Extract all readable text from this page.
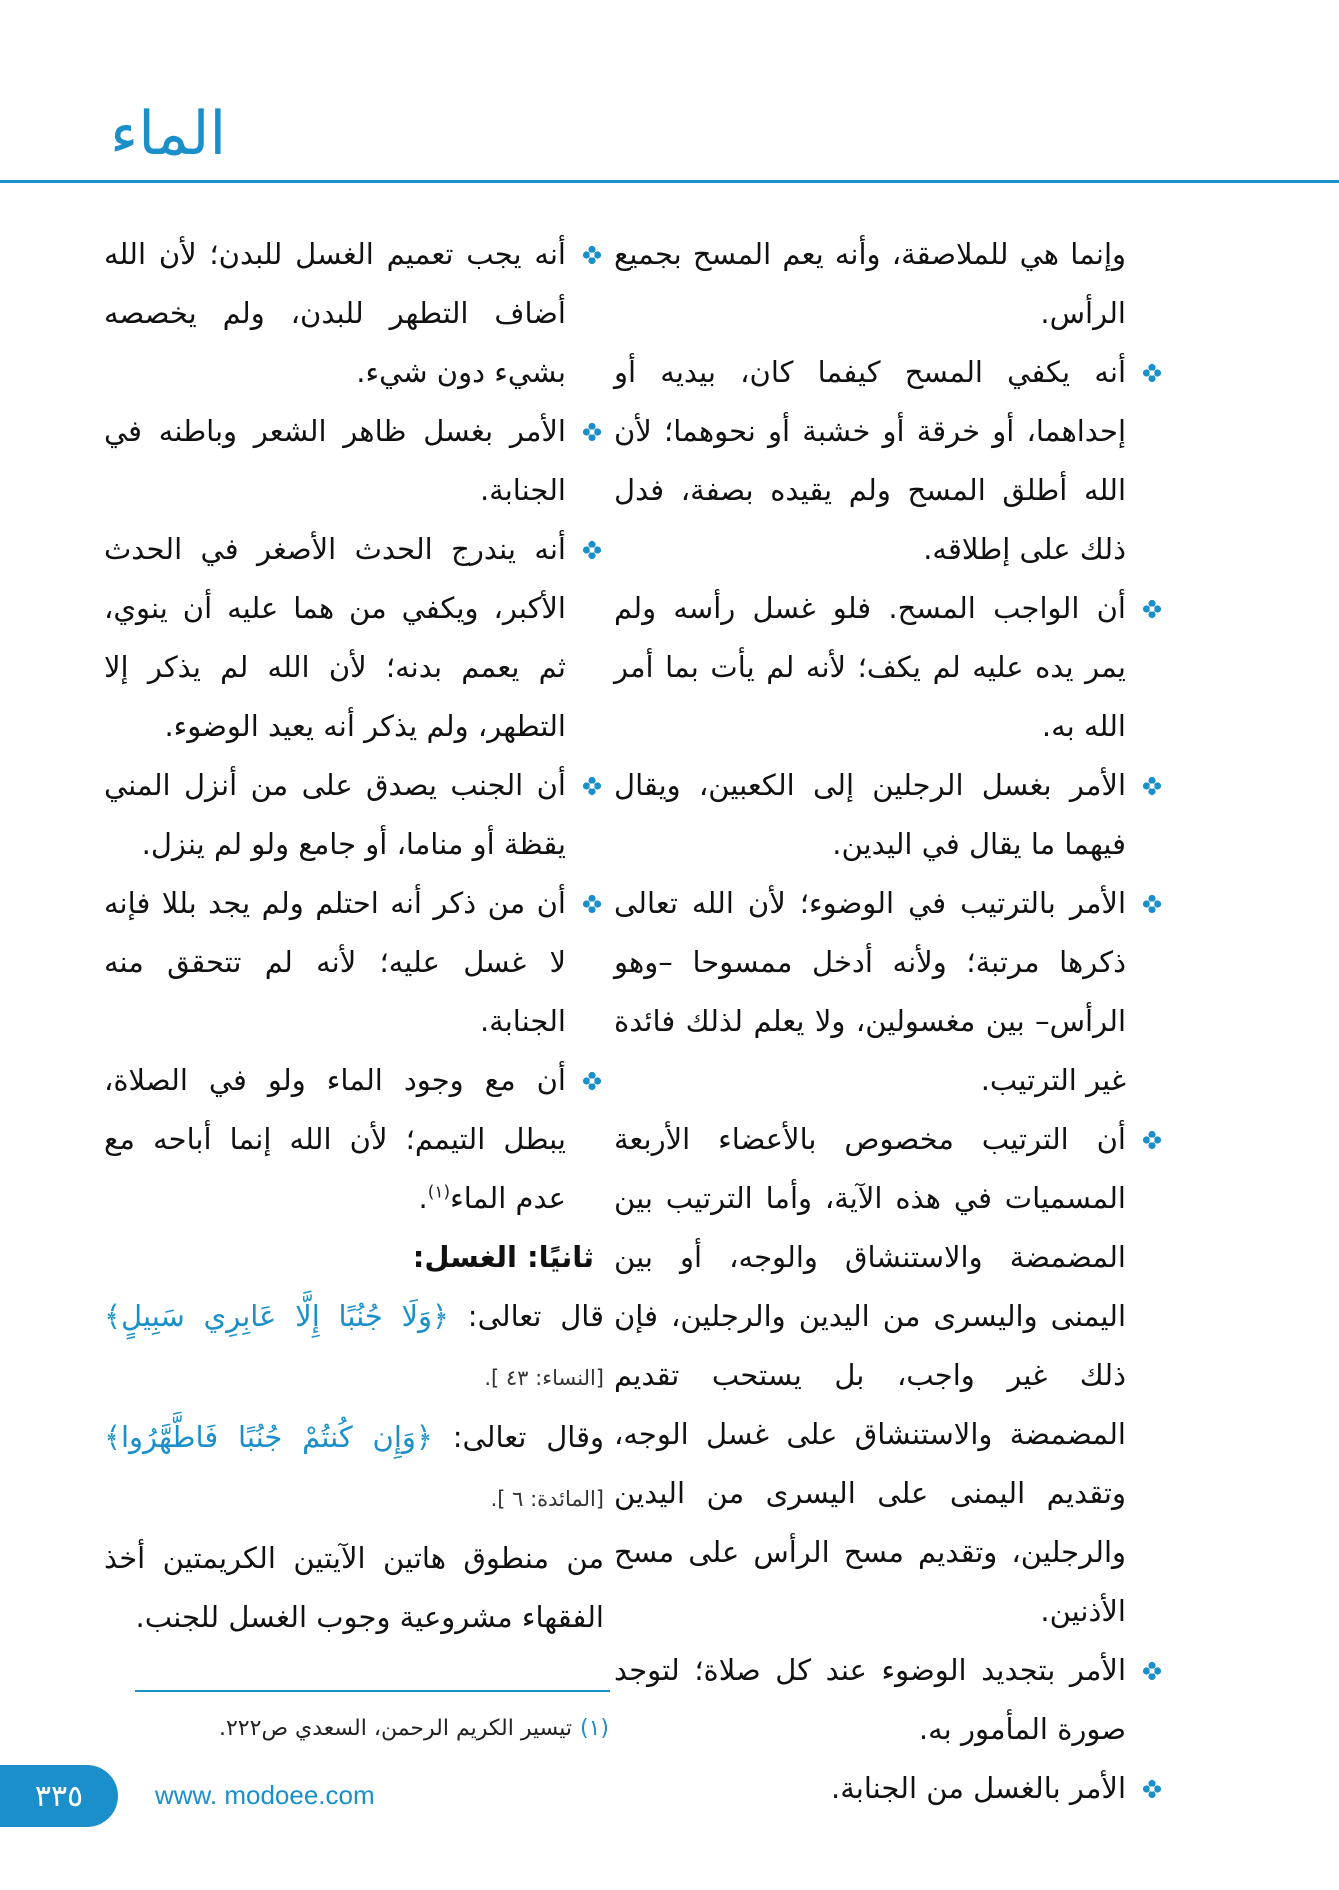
الماء

وإنما هي للملاصقة، وأنه يعم المسح بجميع الرأس.

أنه يكفي المسح كيفما كان، بيديه أو إحداهما، أو خرقة أو خشبة أو نحوهما؛ لأن الله أطلق المسح ولم يقيده بصفة، فدل ذلك على إطلاقه.
أن الواجب المسح. فلو غسل رأسه ولم يمر يده عليه لم يكف؛ لأنه لم يأت بما أمر الله به.
الأمر بغسل الرجلين إلى الكعبين، ويقال فيهما ما يقال في اليدين.
الأمر بالترتيب في الوضوء؛ لأن الله تعالى ذكرها مرتبة؛ ولأنه أدخل ممسوحا –وهو الرأس– بين مغسولين، ولا يعلم لذلك فائدة غير الترتيب.
أن الترتيب مخصوص بالأعضاء الأربعة المسميات في هذه الآية، وأما الترتيب بين المضمضة والاستنشاق والوجه، أو بين اليمنى واليسرى من اليدين والرجلين، فإن ذلك غير واجب، بل يستحب تقديم المضمضة والاستنشاق على غسل الوجه، وتقديم اليمنى على اليسرى من اليدين والرجلين، وتقديم مسح الرأس على مسح الأذنين.
الأمر بتجديد الوضوء عند كل صلاة؛ لتوجد صورة المأمور به.
الأمر بالغسل من الجنابة.
أنه يجب تعميم الغسل للبدن؛ لأن الله أضاف التطهر للبدن، ولم يخصصه بشيء دون شيء.
الأمر بغسل ظاهر الشعر وباطنه في الجنابة.
أنه يندرج الحدث الأصغر في الحدث الأكبر، ويكفي من هما عليه أن ينوي، ثم يعمم بدنه؛ لأن الله لم يذكر إلا التطهر، ولم يذكر أنه يعيد الوضوء.
أن الجنب يصدق على من أنزل المني يقظة أو مناما، أو جامع ولو لم ينزل.
أن من ذكر أنه احتلم ولم يجد بللا فإنه لا غسل عليه؛ لأنه لم تتحقق منه الجنابة.
أن مع وجود الماء ولو في الصلاة، يبطل التيمم؛ لأن الله إنما أباحه مع عدم الماء$^{(١)}$.

ثانيًا: الغسل:

قال تعالى: ﴿وَلَا جُنُبًا إِلَّا عَابِرِي سَبِيلٍ﴾ [النساء: ٤٣ ].

وقال تعالى: ﴿وَإِن كُنتُمْ جُنُبًا فَاطَّهَّرُوا﴾ [المائدة: ٦ ].

من منطوق هاتين الآيتين الكريمتين أخذ الفقهاء مشروعية وجوب الغسل للجنب.

(١)تيسير الكريم الرحمن، السعدي ص٢٢٢.
٣٣٥	www. modoee.com
